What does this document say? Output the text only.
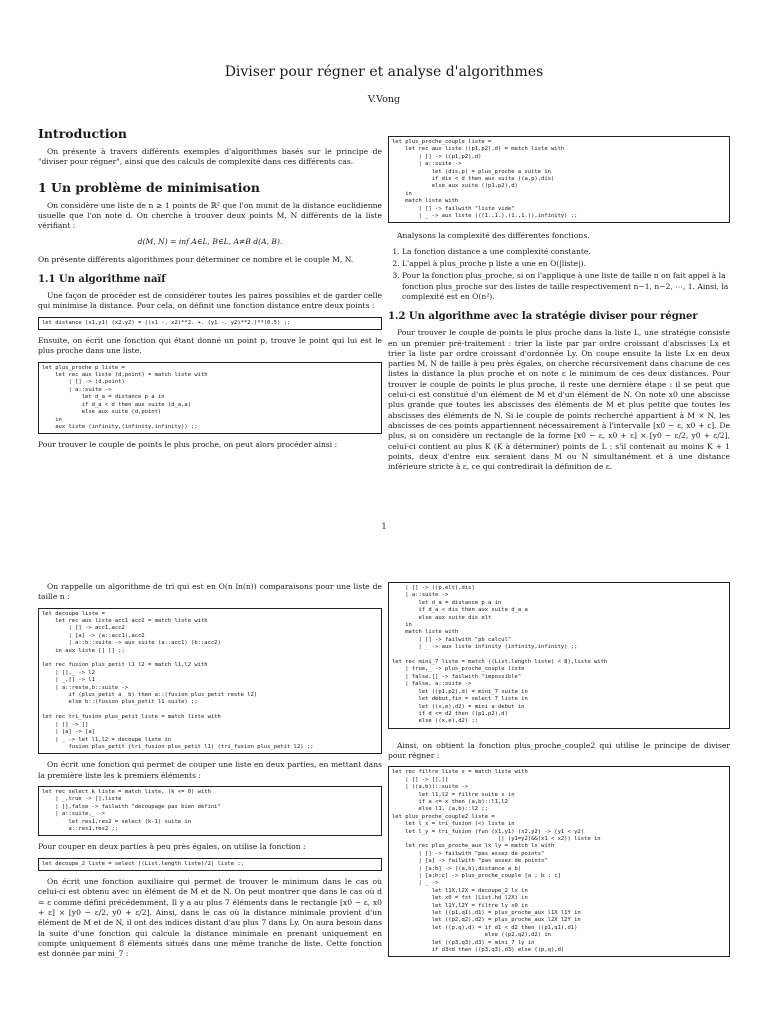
Diviser pour régner et analyse d'algorithmes
V.Vong
Introduction

On présente à travers différents exemples d'algorithmes basés sur le principe de "diviser pour régner", ainsi que des calculs de complexité dans ces différents cas.

1 Un problème de minimisation

On considère une liste de n ≥ 1 points de ℝ² que l'on munit de la distance euclidienne usuelle que l'on note d. On cherche à trouver deux points M, N différents de la liste vérifiant :

d(M, N) = inf A∈L, B∈L, A≠B d(A, B).

On présente différents algorithmes pour déterminer ce nombre et le couple M, N.

1.1 Un algorithme naïf

Une façon de procéder est de considérer toutes les paires possibles et de garder celle qui minimise la distance. Pour cela, on définit une fonction distance entre deux points :

let distance (x1,y1) (x2,y2) = ((x1 -. x2)**2. +. (y1 -. y2)**2.)**(0.5) ;;

Ensuite, on écrit une fonction qui étant donné un point p, trouve le point qui lui est le plus proche dans une liste.

let plus_proche p liste =
let rec aux liste (d,point) = match liste with
| [] -> (d,point)
| a::suite ->
let d_a = distance p a in
if d_a < d then aux suite (d_a,a)
else aux suite (d,point)
in
aux liste (infinity,(infinity,infinity)) ;;

Pour trouver le couple de points le plus proche, on peut alors procéder ainsi :

let plus_proche_couple liste =
let rec aux liste ((p1,p2),d) = match liste with
| [] -> ((p1,p2),d)
| a::suite ->
let (dis,p) = plus_proche a suite in
if dis < d then aux suite ((a,p),dis)
else aux suite ((p1,p2),d)
in
match liste with
| [] -> failwith "liste vide"
| _ -> aux liste (((1.,1.),(1.,1.)),infinity) ;;

Analysons la complexité des différentes fonctions.

1. La fonction distance a une complexité constante.
2. L'appel à plus_proche p liste a une en O(|liste|).
3. Pour la fonction plus_proche, si on l'applique à une liste de taille n on fait appel à la fonction plus_proche sur des listes de taille respectivement n−1, n−2, ⋯, 1. Ainsi, la complexité est en O(n²).
1.2 Un algorithme avec la stratégie diviser pour régner

Pour trouver le couple de points le plus proche dans la liste L, une stratégie consiste en un premier pré-traitement : trier la liste par par ordre croissant d'abscisses Lx et trier la liste par ordre croissant d'ordonnée Ly. On coupe ensuite la liste Lx en deux parties M, N de taille à peu près égales, on cherche récursivement dans chacune de ces listes la distance la plus proche et on note ε le minimum de ces deux distances. Pour trouver le couple de points le plus proche, il reste une dernière étape : il se peut que celui-ci est constitué d'un élément de M et d'un élément de N. On note x0 une abscisse plus grande que toutes les abscisses des éléments de M et plus petite que toutes les abscisses des éléments de N. Si le couple de points recherché appartient à M × N, les abscisses de ces points appartiennent nécessairement à l'intervalle [x0 − ε, x0 + ε]. De plus, si on considère un rectangle de la forme [x0 − ε, x0 + ε] × [y0 − ε/2, y0 + ε/2], celui-ci contient au plus K (K à déterminer) points de L : s'il contenait au moins K + 1 points, deux d'entre eux seraient dans M ou N simultanément et à une distance inférieure stricte à ε, ce qui contredirait la définition de ε.

1

On rappelle un algorithme de tri qui est en O(n ln(n)) comparaisons pour une liste de taille n :

let decoupe liste =
let rec aux liste acc1 acc2 = match liste with
| [] -> acc1,acc2
| [a] -> (a::acc1),acc2
| a::b::suite -> aux suite (a::acc1) (b::acc2)
in aux liste [] [] ;;

let rec fusion plus_petit l1 l2 = match l1,l2 with
| [],_ -> l2
| _,[] -> l1
| a::reste,b::suite ->
if (plus_petit a  b) then a::(fusion plus_petit reste l2)
else b::(fusion plus_petit l1 suite) ;;

let rec tri_fusion plus_petit liste = match liste with
| [] -> []
| [a] -> [a]
| _ -> let l1,l2 = decoupe liste in
fusion plus_petit (tri_fusion plus_petit l1) (tri_fusion plus_petit l2) ;;

On écrit une fonction qui permet de couper une liste en deux parties, en mettant dans la première liste les k premiers éléments :

let rec select k liste = match liste, (k <= 0) with
| _,true -> [],liste
| [],false -> failwith "decoupage pas bien défini"
| a::suite,_ ->
let res1,res2 = select (k-1) suite in
a::res1,res2 ;;

Pour couper en deux parties à peu près égales, on utilise la fonction :

let decoupe_2 liste = select ((List.length liste)/2) liste ;;

On écrit une fonction auxiliaire qui permet de trouver le minimum dans le cas où celui-ci est obtenu avec un élément de M et de N. On peut montrer que dans le cas où d = ε comme défini précédemment, Il y a au plus 7 éléments dans le rectangle [x0 − ε, x0 + ε] × [y0 − ε/2, y0 + ε/2]. Ainsi, dans le cas où la distance minimale provient d'un élément de M et de N, il ont des indices distant d'au plus 7 dans Ly. On aura besoin dans la suite d'une fonction qui calcule la distance minimale en prenant uniquement en compte uniquement 8 éléments situés dans une même tranche de liste. Cette fonction est donnée par mini_7 :

| [] -> ((p,elt),dis)
| a::suite ->
let d_a = distance p a in
if d_a < dis then aux suite d_a a
else aux suite dis elt
in
match liste with
| [] -> failwith "pb calcul"
| _ -> aux liste infinity (infinity,infinity) ;;

let rec mini_7 liste = match ((List.length liste) < 8),liste with
| true,_ -> plus_proche_couple liste
| false,[] -> failwith "impossible"
| false, a::suite ->
let ((p1,p2),d) = mini_7 suite in
let debut,fin = select 7 liste in
let ((x,e),d2) = mini a debut in
if d <= d2 then ((p1,p2),d)
else ((x,e),d2) ;;

Ainsi, on obtient la fonction plus_proche_couple2 qui utilise le principe de diviser pour régner :

let rec filtre liste x = match liste with
| [] -> [],[]
| ((a,b))::suite ->
let l1,l2 = filtre suite x in
if a <= x then (a,b)::l1,l2
else l1, (a,b)::l2 ;;
let plus_proche_couple2 liste =
let l_x = tri_fusion (<) liste in
let l_y = tri_fusion (fun (x1,y1) (x2,y2) -> (y1 < y2)
|| (y1=y2)&&(x1 < x2)) liste in
let rec plus_proche_aux lx ly = match lx with
| [] -> failwith "pas assez de points"
| [a] -> failwith "pas assez de points"
| [a;b] -> ((a,b),distance a b)
| [a;b;c] -> plus_proche_couple [a ; b ; c]
| _ ->
let l1X,l2X = decoupe_2 lx in
let x0 = fst (List.hd l2X) in
let l1Y,l2Y = filtre ly x0 in
let ((p1,q1),d1) = plus_proche_aux l1X l1Y in
let ((p2,q2),d2) = plus_proche_aux l2X l2Y in
let ((p,q),d) = if d1 < d2 then ((p1,q1),d1)
else ((p2,q2),d2) in
let ((p3,q3),d3) = mini_7 ly in
if d3<d then ((p3,q3),d3) else ((p,q),d)
